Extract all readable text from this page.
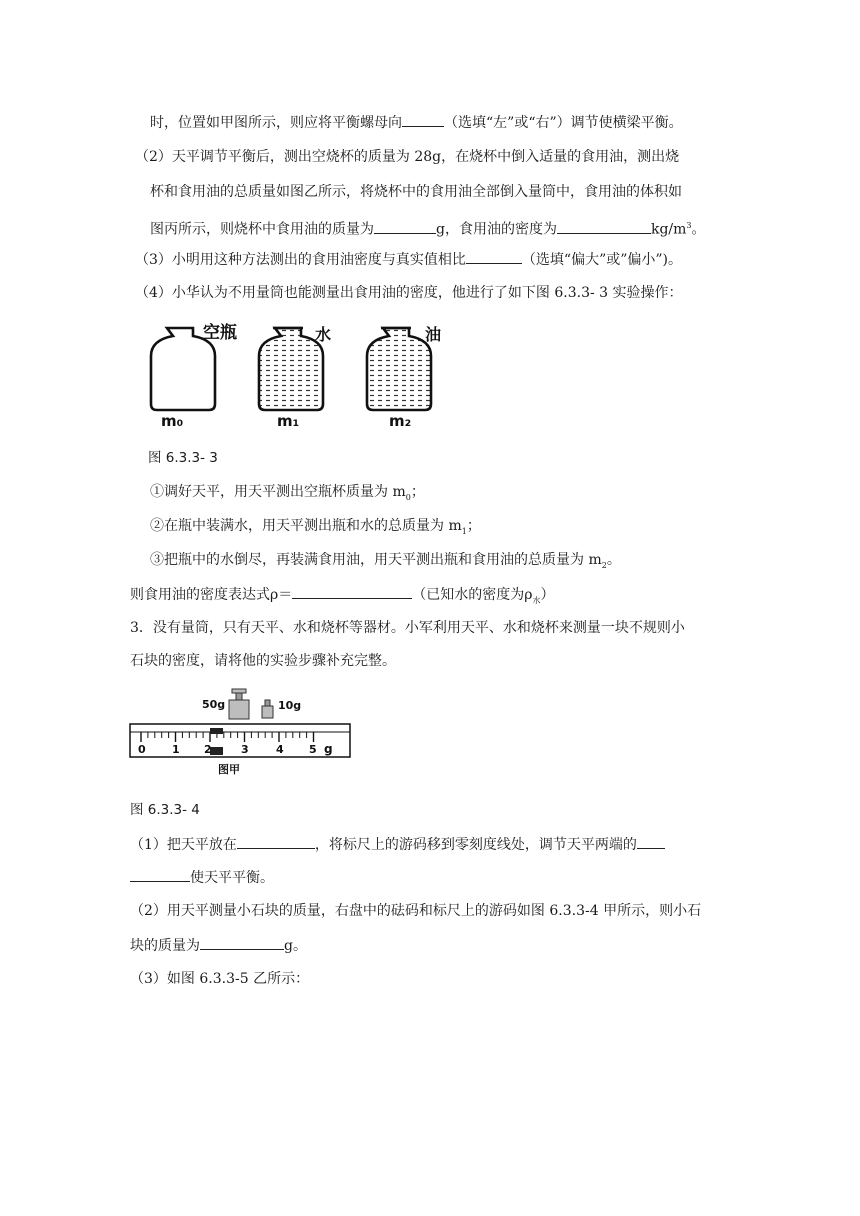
时，位置如甲图所示，则应将平衡螺母向	（选填“左”或“右”）调节使横梁平衡。
（2）天平调节平衡后，测出空烧杯的质量为 28g，在烧杯中倒入适量的食用油，测出烧
杯和食用油的总质量如图乙所示，将烧杯中的食用油全部倒入量筒中，食用油的体积如
图丙所示，则烧杯中食用油的质量为	g，食用油的密度为	$kg/m^3$。
（3）小明用这种方法测出的食用油密度与真实值相比	（选填“偏大”或”偏小”)。
（4）小华认为不用量筒也能测量出食用油的密度，他进行了如下图 6.3.3- 3 实验操作：
空瓶
m₀
水
m₁
油
m₂
图 6.3.3- 3
①调好天平，用天平测出空瓶杯质量为 $m_0$；
②在瓶中装满水，用天平测出瓶和水的总质量为 $m_1$；
③把瓶中的水倒尽，再装满食用油，用天平测出瓶和食用油的总质量为 $m_2$。
则食用油的密度表达式ρ＝	（已知水的密度为$\rho_水$）
3．没有量筒，只有天平、水和烧杯等器材。小军利用天平、水和烧杯来测量一块不规则小
石块的密度，请将他的实验步骤补充完整。
50g	10g
0 1 2	3 4 5 g
图甲
图 6.3.3- 4
（1）把天平放在	，将标尺上的游码移到零刻度线处，调节天平两端的
使天平平衡。
（2）用天平测量小石块的质量，右盘中的砝码和标尺上的游码如图 6.3.3-4 甲所示，则小石
块的质量为	g。
（3）如图 6.3.3-5 乙所示：
